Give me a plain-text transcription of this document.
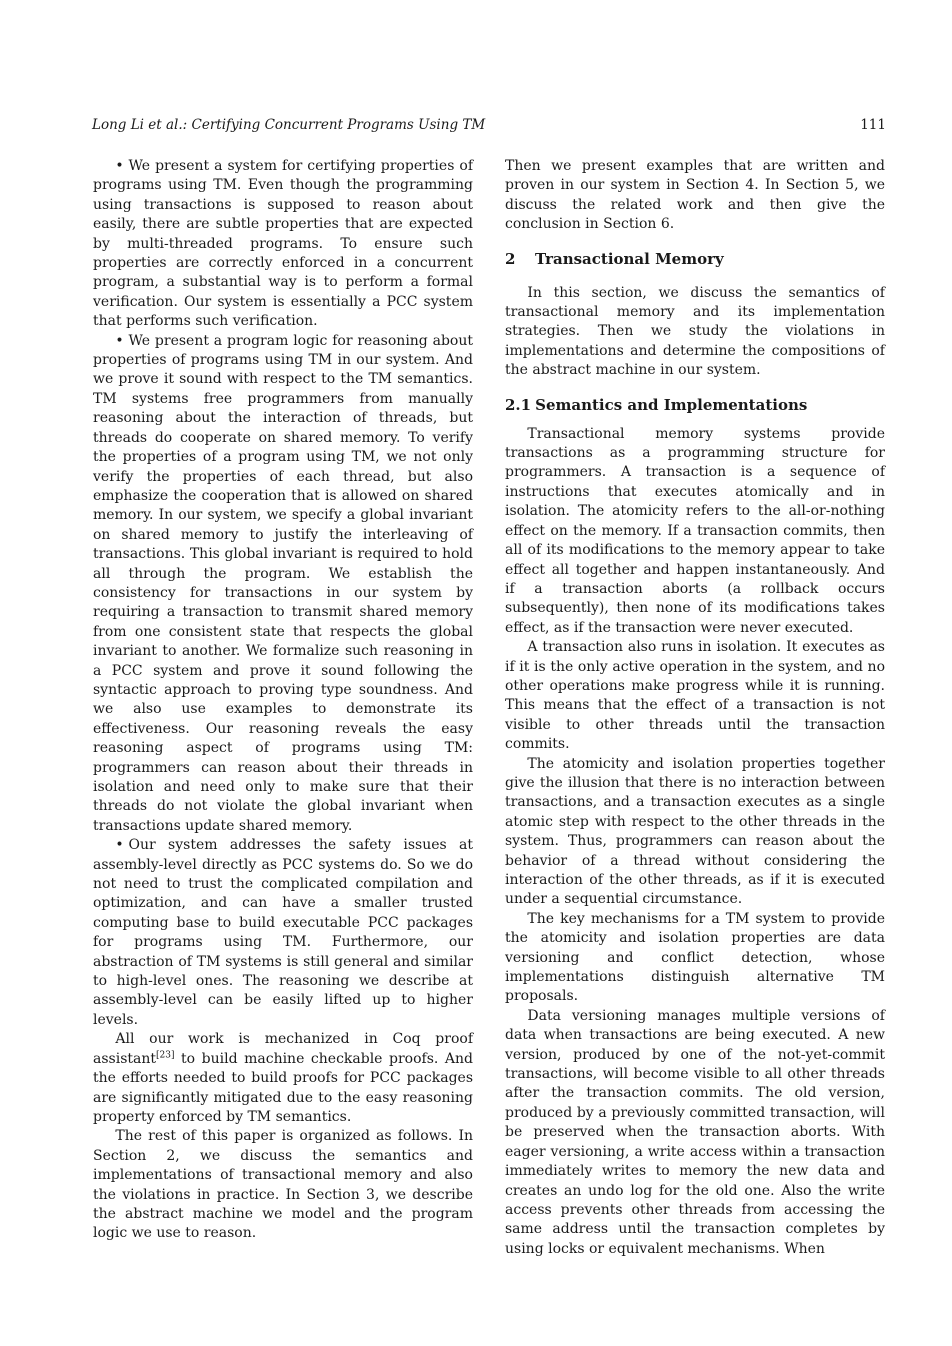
Long Li et al.: Certifying Concurrent Programs Using TM	111

• We present a system for certifying properties of programs using TM. Even though the programming using transactions is supposed to reason about easily, there are subtle properties that are expected by multi-threaded programs. To ensure such properties are correctly enforced in a concurrent program, a substantial way is to perform a formal verification. Our system is essentially a PCC system that performs such verification.

• We present a program logic for reasoning about properties of programs using TM in our system. And we prove it sound with respect to the TM semantics. TM systems free programmers from manually reasoning about the interaction of threads, but threads do cooperate on shared memory. To verify the properties of a program using TM, we not only verify the properties of each thread, but also emphasize the cooperation that is allowed on shared memory. In our system, we specify a global invariant on shared memory to justify the interleaving of transactions. This global invariant is required to hold all through the program. We establish the consistency for transactions in our system by requiring a transaction to transmit shared memory from one consistent state that respects the global invariant to another. We formalize such reasoning in a PCC system and prove it sound following the syntactic approach to proving type soundness. And we also use examples to demonstrate its effectiveness. Our reasoning reveals the easy reasoning aspect of programs using TM: programmers can reason about their threads in isolation and need only to make sure that their threads do not violate the global invariant when transactions update shared memory.

• Our system addresses the safety issues at assembly-level directly as PCC systems do. So we do not need to trust the complicated compilation and optimization, and can have a smaller trusted computing base to build executable PCC packages for programs using TM. Furthermore, our abstraction of TM systems is still general and similar to high-level ones. The reasoning we describe at assembly-level can be easily lifted up to higher levels.

All our work is mechanized in Coq proof assistant[23] to build machine checkable proofs. And the efforts needed to build proofs for PCC packages are significantly mitigated due to the easy reasoning property enforced by TM semantics.

The rest of this paper is organized as follows. In Section 2, we discuss the semantics and implementations of transactional memory and also the violations in practice. In Section 3, we describe the abstract machine we model and the program logic we use to reason.

Then we present examples that are written and proven in our system in Section 4. In Section 5, we discuss the related work and then give the conclusion in Section 6.

2 Transactional Memory

In this section, we discuss the semantics of transactional memory and its implementation strategies. Then we study the violations in implementations and determine the compositions of the abstract machine in our system.

2.1 Semantics and Implementations

Transactional memory systems provide transactions as a programming structure for programmers. A transaction is a sequence of instructions that executes atomically and in isolation. The atomicity refers to the all-or-nothing effect on the memory. If a transaction commits, then all of its modifications to the memory appear to take effect all together and happen instantaneously. And if a transaction aborts (a rollback occurs subsequently), then none of its modifications takes effect, as if the transaction were never executed.

A transaction also runs in isolation. It executes as if it is the only active operation in the system, and no other operations make progress while it is running. This means that the effect of a transaction is not visible to other threads until the transaction commits.

The atomicity and isolation properties together give the illusion that there is no interaction between transactions, and a transaction executes as a single atomic step with respect to the other threads in the system. Thus, programmers can reason about the behavior of a thread without considering the interaction of the other threads, as if it is executed under a sequential circumstance.

The key mechanisms for a TM system to provide the atomicity and isolation properties are data versioning and conflict detection, whose implementations distinguish alternative TM proposals.

Data versioning manages multiple versions of data when transactions are being executed. A new version, produced by one of the not-yet-commit transactions, will become visible to all other threads after the transaction commits. The old version, produced by a previously committed transaction, will be preserved when the transaction aborts. With eager versioning, a write access within a transaction immediately writes to memory the new data and creates an undo log for the old one. Also the write access prevents other threads from accessing the same address until the transaction completes by using locks or equivalent mechanisms. When
